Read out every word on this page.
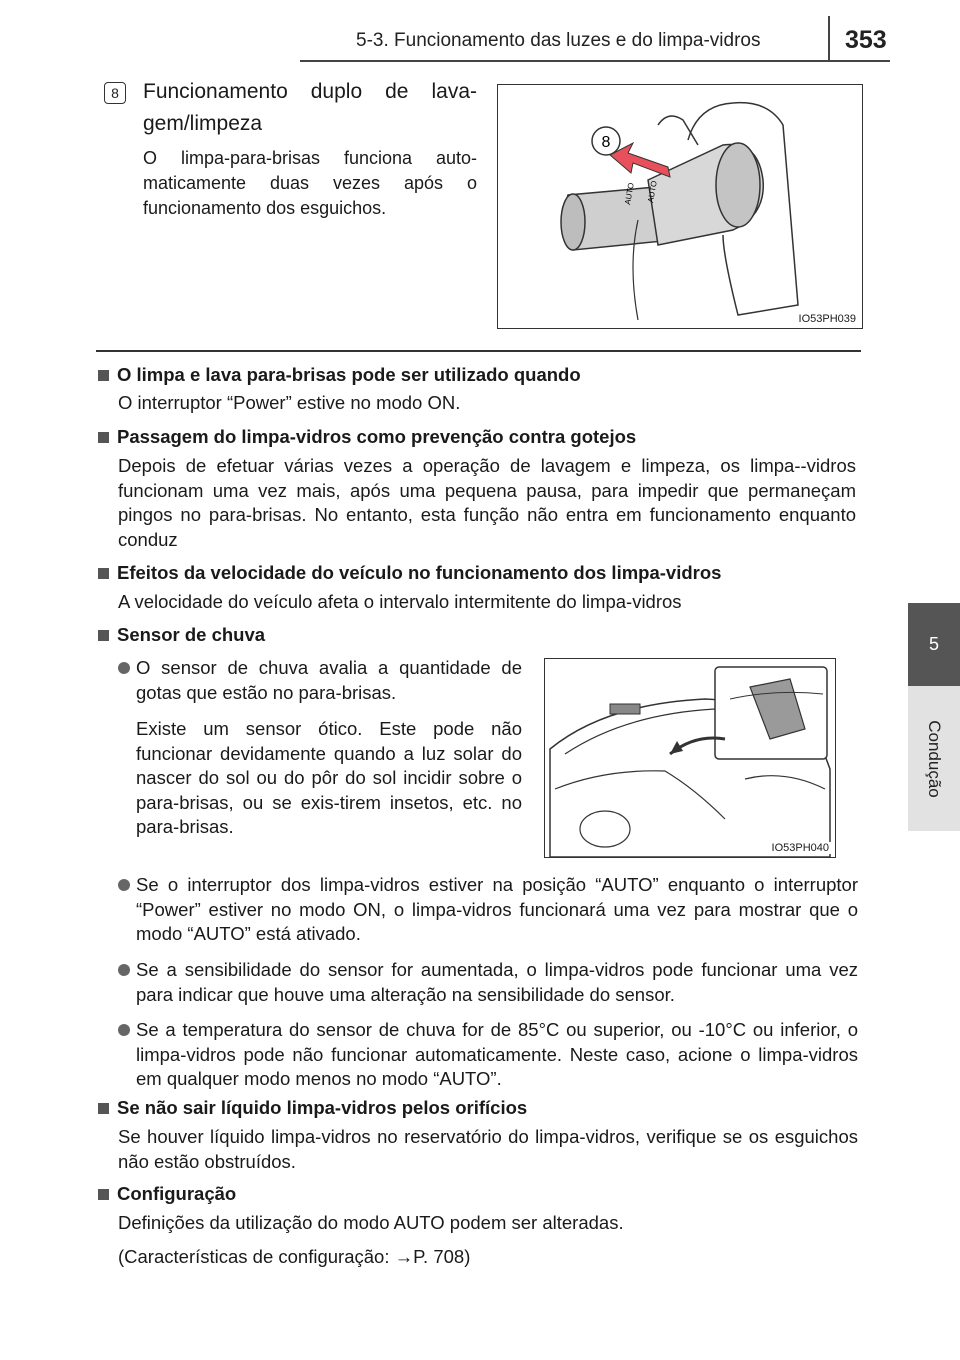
5-3. Funcionamento das luzes e do limpa-vidros	353
5
Condução
8	Funcionamento duplo de lava-gem/limpeza
O limpa-para-brisas funciona auto-maticamente duas vezes após o funcionamento dos esguichos.
AUTO AUTO
8
IO53PH039
O limpa e lava para-brisas pode ser utilizado quando
O interruptor “Power” estive no modo ON.
Passagem do limpa-vidros como prevenção contra gotejos
Depois de efetuar várias vezes a operação de lavagem e limpeza, os limpa--vidros funcionam uma vez mais, após uma pequena pausa, para impedir que permaneçam pingos no para-brisas. No entanto, esta função não entra em funcionamento enquanto conduz
Efeitos da velocidade do veículo no funcionamento dos limpa-vidros
A velocidade do veículo afeta o intervalo intermitente do limpa-vidros
Sensor de chuva
O sensor de chuva avalia a quantidade de gotas que estão no para-brisas.
Existe um sensor ótico. Este pode não funcionar devidamente quando a luz solar do nascer do sol ou do pôr do sol incidir sobre o para-brisas, ou se exis-tirem insetos, etc. no para-brisas.
IO53PH040
Se o interruptor dos limpa-vidros estiver na posição “AUTO” enquanto o interruptor “Power” estiver no modo ON, o limpa-vidros funcionará uma vez para mostrar que o modo “AUTO” está ativado.
Se a sensibilidade do sensor for aumentada, o limpa-vidros pode funcionar uma vez para indicar que houve uma alteração na sensibilidade do sensor.
Se a temperatura do sensor de chuva for de 85°C ou superior, ou -10°C ou inferior, o limpa-vidros pode não funcionar automaticamente. Neste caso, acione o limpa-vidros em qualquer modo menos no modo “AUTO”.
Se não sair líquido limpa-vidros pelos orifícios
Se houver líquido limpa-vidros no reservatório do limpa-vidros, verifique se os esguichos não estão obstruídos.
Configuração
Definições da utilização do modo AUTO podem ser alteradas.
(Características de configuração: →P. 708)
